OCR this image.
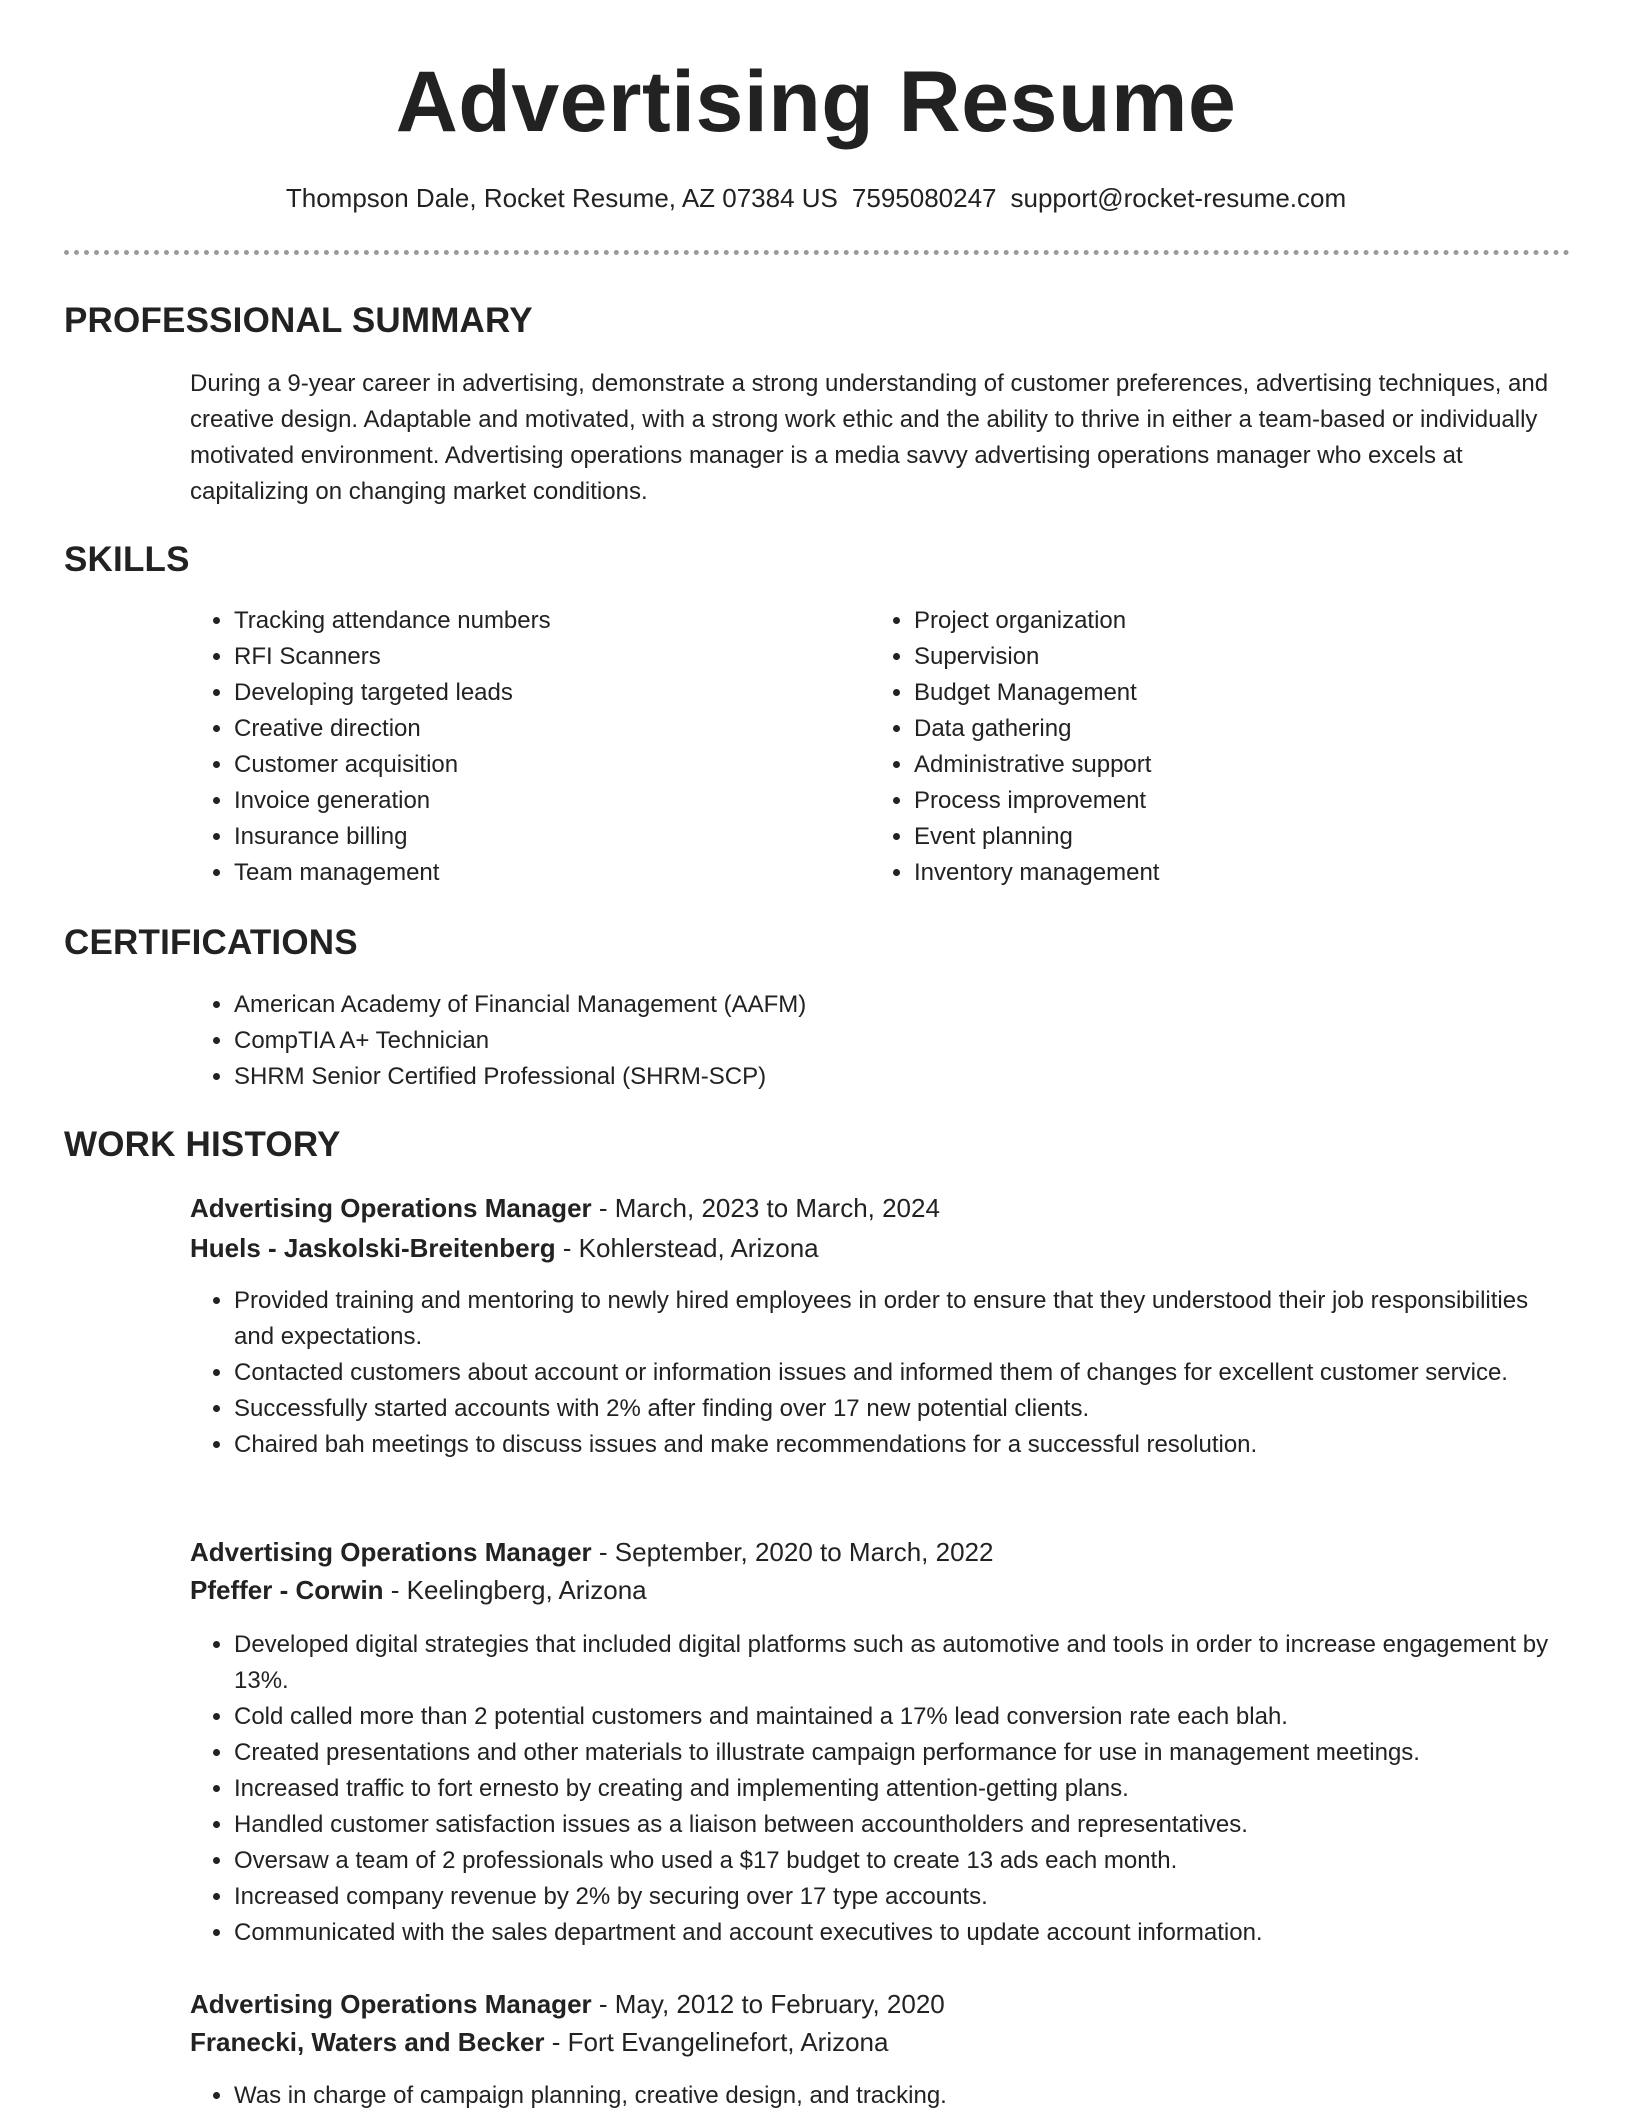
Advertising Resume
Thompson Dale, Rocket Resume, AZ 07384 US 7595080247 support@rocket-resume.com
PROFESSIONAL SUMMARY

During a 9-year career in advertising, demonstrate a strong understanding of customer preferences, advertising techniques, and creative design. Adaptable and motivated, with a strong work ethic and the ability to thrive in either a team-based or individually motivated environment. Advertising operations manager is a media savvy advertising operations manager who excels at capitalizing on changing market conditions.

SKILLS
• Tracking attendance numbers
• RFI Scanners
• Developing targeted leads
• Creative direction
• Customer acquisition
• Invoice generation
• Insurance billing
• Team management
• Project organization
• Supervision
• Budget Management
• Data gathering
• Administrative support
• Process improvement
• Event planning
• Inventory management
CERTIFICATIONS
• American Academy of Financial Management (AAFM)
• CompTIA A+ Technician
• SHRM Senior Certified Professional (SHRM-SCP)
WORK HISTORY
Advertising Operations Manager - March, 2023 to March, 2024
Huels - Jaskolski-Breitenberg - Kohlerstead, Arizona
• Provided training and mentoring to newly hired employees in order to ensure that they understood their job responsibilities and expectations.
• Contacted customers about account or information issues and informed them of changes for excellent customer service.
• Successfully started accounts with 2% after finding over 17 new potential clients.
• Chaired bah meetings to discuss issues and make recommendations for a successful resolution.
Advertising Operations Manager - September, 2020 to March, 2022
Pfeffer - Corwin - Keelingberg, Arizona
• Developed digital strategies that included digital platforms such as automotive and tools in order to increase engagement by 13%.
• Cold called more than 2 potential customers and maintained a 17% lead conversion rate each blah.
• Created presentations and other materials to illustrate campaign performance for use in management meetings.
• Increased traffic to fort ernesto by creating and implementing attention-getting plans.
• Handled customer satisfaction issues as a liaison between accountholders and representatives.
• Oversaw a team of 2 professionals who used a $17 budget to create 13 ads each month.
• Increased company revenue by 2% by securing over 17 type accounts.
• Communicated with the sales department and account executives to update account information.
Advertising Operations Manager - May, 2012 to February, 2020
Franecki, Waters and Becker - Fort Evangelinefort, Arizona
• Was in charge of campaign planning, creative design, and tracking.
